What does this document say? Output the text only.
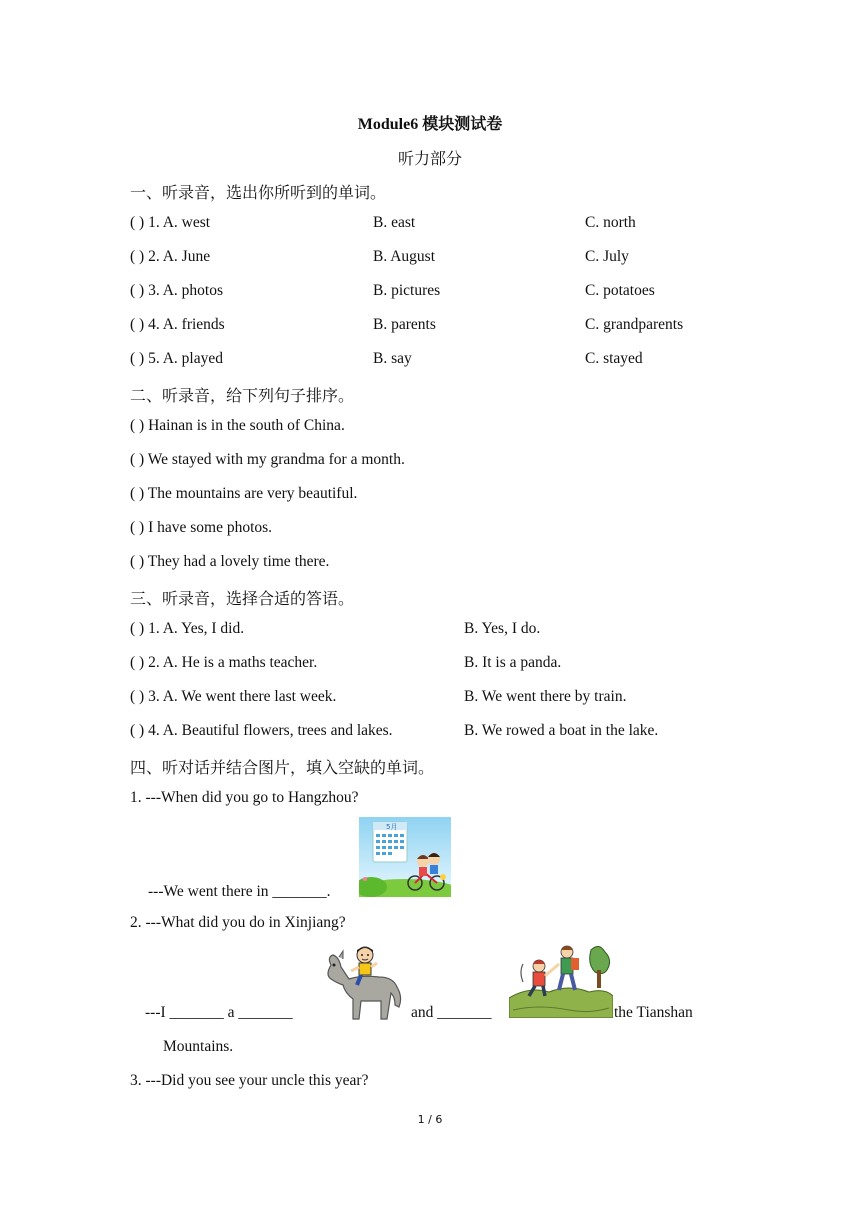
Module6 模块测试卷
听力部分
一、听录音，选出你所听到的单词。
( ) 1. A. west	B. east	C. north
( ) 2. A. June	B. August	C. July
( ) 3. A. photos	B. pictures	C. potatoes
( ) 4. A. friends	B. parents	C. grandparents
( ) 5. A. played	B. say	C. stayed
二、听录音，给下列句子排序。
( ) Hainan is in the south of China.
( ) We stayed with my grandma for a month.
( ) The mountains are very beautiful.
( ) I have some photos.
( ) They had a lovely time there.
三、听录音，选择合适的答语。
( ) 1. A. Yes, I did.	B. Yes, I do.
( ) 2. A. He is a maths teacher.	B. It is a panda.
( ) 3. A. We went there last week.	B. We went there by train.
( ) 4. A. Beautiful flowers, trees and lakes.	B. We rowed a boat in the lake.
四、听对话并结合图片，填入空缺的单词。
1. ---When did you go to Hangzhou?
5月
---We went there in _______.
2. ---What did you do in Xinjiang?
---I _______ a _______	and _______	the Tianshan
Mountains.
3. ---Did you see your uncle this year?
1 / 6
